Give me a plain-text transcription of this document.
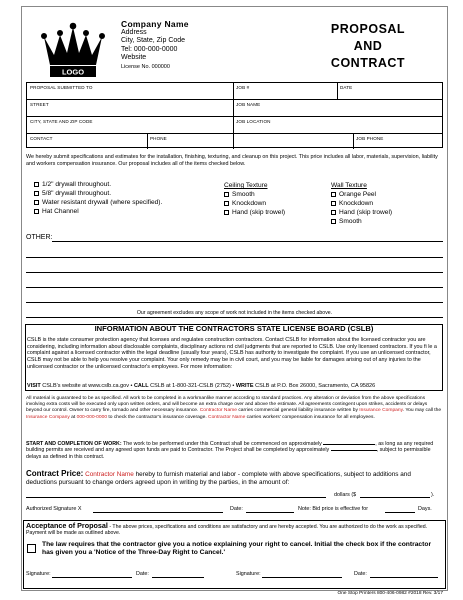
LOGO
Company Name
Address
City, State, Zip Code
Tel: 000-000-0000
Website
License No. 000000
PROPOSAL
AND
CONTRACT
PROPOSAL SUBMITTED TO	JOB #	DATE
STREET	JOB NAME
CITY, STATE AND ZIP CODE	JOB LOCATION
CONTACT	PHONE	JOB PHONE
We hereby submit specifications and estimates for the installation, finishing, texturing, and cleanup on this project. This price includes all labor, materials, supervision, liability and workers compensation insurance. Our proposal includes all of the items checked below.
1/2" drywall throughout.
5/8" drywall throughout.
Water resistant drywall (where specified).
Hat Channel
Ceiling Texture
Smooth
Knockdown
Hand (skip trowel)
Wall Texture
Orange Peel
Knockdown
Hand (skip trowel)
Smooth
OTHER:
Our agreement excludes any scope of work not included in the items checked above.
INFORMATION ABOUT THE CONTRACTORS STATE LICENSE BOARD (CSLB)
CSLB is the state consumer protection agency that licenses and regulates construction contractors. Contact CSLB for information about the licensed contractor you are considering, including information about disclosable complaints, disciplinary actions nd civil judgments that are reported to CSLB. Use only licensed contractors. If you fi le a complaint against a licensed contractor within the legal deadline (usually four years), CSLB has authority to investigate the complaint. If you use an unlicensed contractor, CSLB may not be able to help you resolve your complaint. Your only remedy may be in civil court, and you may be liable for damages arising out of any injuries to the unlicensed contractor or the unlicensed contractor's employees. For more information:
VISIT CSLB's website at www.cslb.ca.gov • CALL CSLB at 1-800-321-CSLB (2752) • WRITE CSLB at P.O. Box 26000, Sacramento, CA 95826
All material is guaranteed to be as specified. All work to be completed in a workmanlike manner according to standard practices. Any alteration or deviation from the above specifications involving extra costs will be executed only upon written orders, and will become an extra charge over and above the estimate. All agreements contingent upon strikes, accidents or delays beyond our control. Owner to carry fire, tornado and other necessary insurance. Contractor Name carries commercial general liability insurance written by Insurance Company. You may call the Insurance Company at 000-000-0000 to check the contractor's insurance coverage. Contractor Name carries workers' compensation insurance for all employees.
START AND COMPLETION OF WORK: The work to be performed under this Contract shall be commenced on approximately	, as long as any required building permits are received and any agreed upon funds are paid to Contractor. The Project shall be completed by approximately	, subject to permissible delays as defined in this contract.
Contract Price: Contractor Name hereby to furnish material and labor - complete with above specifications, subject to additions and deductions pursuant to change orders agreed upon in writing by the parties, in the amount of:
dollars ($	).
Authorized Signature X	Date:	Note: Bid price is effective for	Days.
Acceptance of Proposal - The above prices, specifications and conditions are satisfactory and are hereby accepted. You are authorized to do the work as specified. Payment will be made as outlined above.
The law requires that the contractor give you a notice explaining your right to cancel. Initial the check box if the contractor has given you a 'Notice of the Three-Day Right to Cancel.'
Signature:	Date:	Signature:	Date:
One Stop Printers 800-406-0982 #2018 Rev. 3/17
